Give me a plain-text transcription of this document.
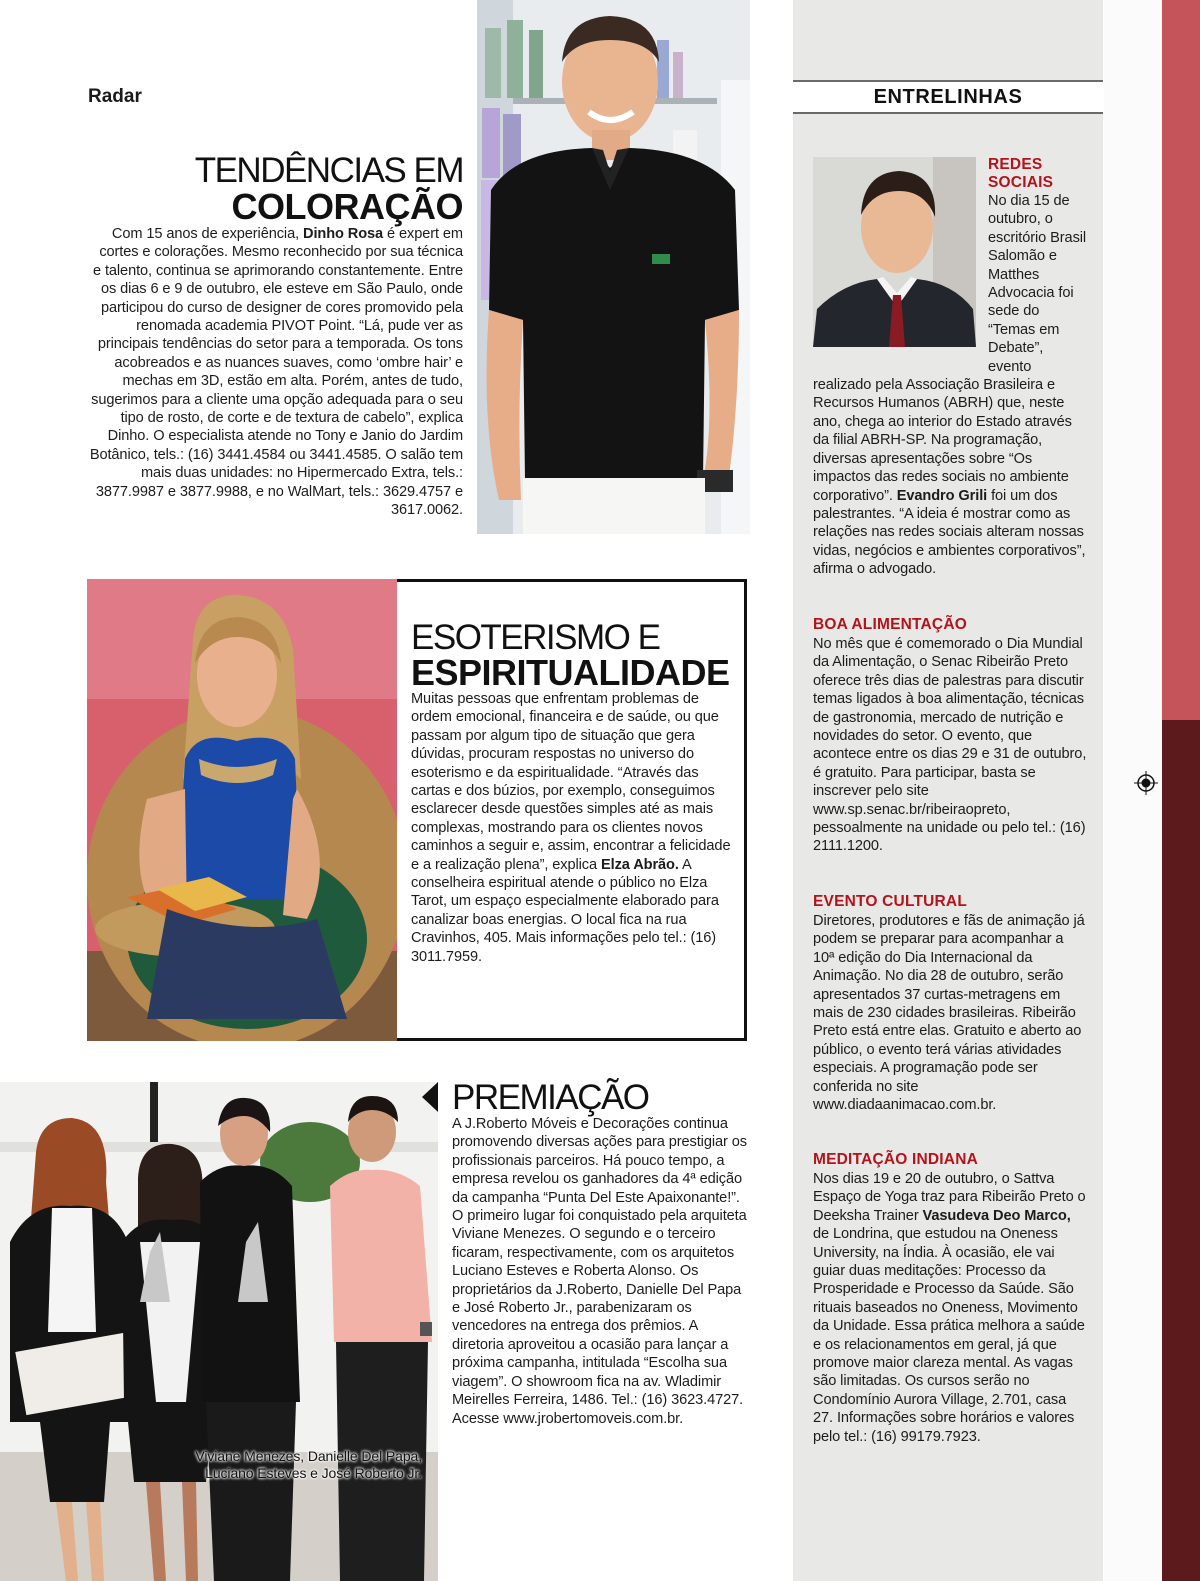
Radar
TENDÊNCIAS EM
COLORAÇÃO
Com 15 anos de experiência, Dinho Rosa é expert em cortes e colorações. Mesmo reconhecido por sua técnica e talento, continua se aprimorando constantemente. Entre os dias 6 e 9 de outubro, ele esteve em São Paulo, onde participou do curso de designer de cores promovido pela renomada academia PIVOT Point. “Lá, pude ver as principais tendências do setor para a temporada. Os tons acobreados e as nuances suaves, como ‘ombre hair’ e mechas em 3D, estão em alta. Porém, antes de tudo, sugerimos para a cliente uma opção adequada para o seu tipo de rosto, de corte e de textura de cabelo”, explica Dinho. O especialista atende no Tony e Janio do Jardim Botânico, tels.: (16) 3441.4584 ou 3441.4585. O salão tem mais duas unidades: no Hipermercado Extra, tels.: 3877.9987 e 3877.9988, e no WalMart, tels.: 3629.4757 e 3617.0062.
ENTRELINHAS
REDES
SOCIAIS
No dia 15 de outubro, o escritório Brasil Salomão e Matthes Advocacia foi sede do “Temas em Debate”, evento realizado pela Associação Brasileira e Recursos Humanos (ABRH) que, neste ano, chega ao interior do Estado através da filial ABRH-SP. Na programação, diversas apresentações sobre “Os impactos das redes sociais no ambiente corporativo”. Evandro Grili foi um dos palestrantes. “A ideia é mostrar como as relações nas redes sociais alteram nossas vidas, negócios e ambientes corporativos”, afirma o advogado.
BOA ALIMENTAÇÃO
No mês que é comemorado o Dia Mundial da Alimentação, o Senac Ribeirão Preto oferece três dias de palestras para discutir temas ligados à boa alimentação, técnicas de gastronomia, mercado de nutrição e novidades do setor. O evento, que acontece entre os dias 29 e 31 de outubro, é gratuito. Para participar, basta se inscrever pelo site www.sp.senac.br/ribeiraopreto, pessoalmente na unidade ou pelo tel.: (16) 2111.1200.
EVENTO CULTURAL
Diretores, produtores e fãs de animação já podem se preparar para acompanhar a 10ª edição do Dia Internacional da Animação. No dia 28 de outubro, serão apresentados 37 curtas-metragens em mais de 230 cidades brasileiras. Ribeirão Preto está entre elas. Gratuito e aberto ao público, o evento terá várias atividades especiais. A programação pode ser conferida no site www.diadaanimacao.com.br.
MEDITAÇÃO INDIANA
Nos dias 19 e 20 de outubro, o Sattva Espaço de Yoga traz para Ribeirão Preto o Deeksha Trainer Vasudeva Deo Marco, de Londrina, que estudou na Oneness University, na Índia. À ocasião, ele vai guiar duas meditações: Processo da Prosperidade e Processo da Saúde. São rituais baseados no Oneness, Movimento da Unidade. Essa prática melhora a saúde e os relacionamentos em geral, já que promove maior clareza mental. As vagas são limitadas. Os cursos serão no Condomínio Aurora Village, 2.701, casa 27. Informações sobre horários e valores pelo tel.: (16) 99179.7923.
ESOTERISMO E
ESPIRITUALIDADE
Muitas pessoas que enfrentam problemas de ordem emocional, financeira e de saúde, ou que passam por algum tipo de situação que gera dúvidas, procuram respostas no universo do esoterismo e da espiritualidade. “Através das cartas e dos búzios, por exemplo, conseguimos esclarecer desde questões simples até as mais complexas, mostrando para os clientes novos caminhos a seguir e, assim, encontrar a felicidade e a realização plena”, explica Elza Abrão. A conselheira espiritual atende o público no Elza Tarot, um espaço especialmente elaborado para canalizar boas energias. O local fica na rua Cravinhos, 405. Mais informações pelo tel.: (16) 3011.7959.
Viviane Menezes, Danielle Del Papa,
Luciano Esteves e José Roberto Jr.
PREMIAÇÃO
A J.Roberto Móveis e Decorações continua promovendo diversas ações para prestigiar os profissionais parceiros. Há pouco tempo, a empresa revelou os ganhadores da 4ª edição da campanha “Punta Del Este Apaixonante!”. O primeiro lugar foi conquistado pela arquiteta Viviane Menezes. O segundo e o terceiro ficaram, respectivamente, com os arquitetos Luciano Esteves e Roberta Alonso. Os proprietários da J.Roberto, Danielle Del Papa e José Roberto Jr., parabenizaram os vencedores na entrega dos prêmios. A diretoria aproveitou a ocasião para lançar a próxima campanha, intitulada “Escolha sua viagem”. O showroom fica na av. Wladimir Meirelles Ferreira, 1486. Tel.: (16) 3623.4727. Acesse www.jrobertomoveis.com.br.
